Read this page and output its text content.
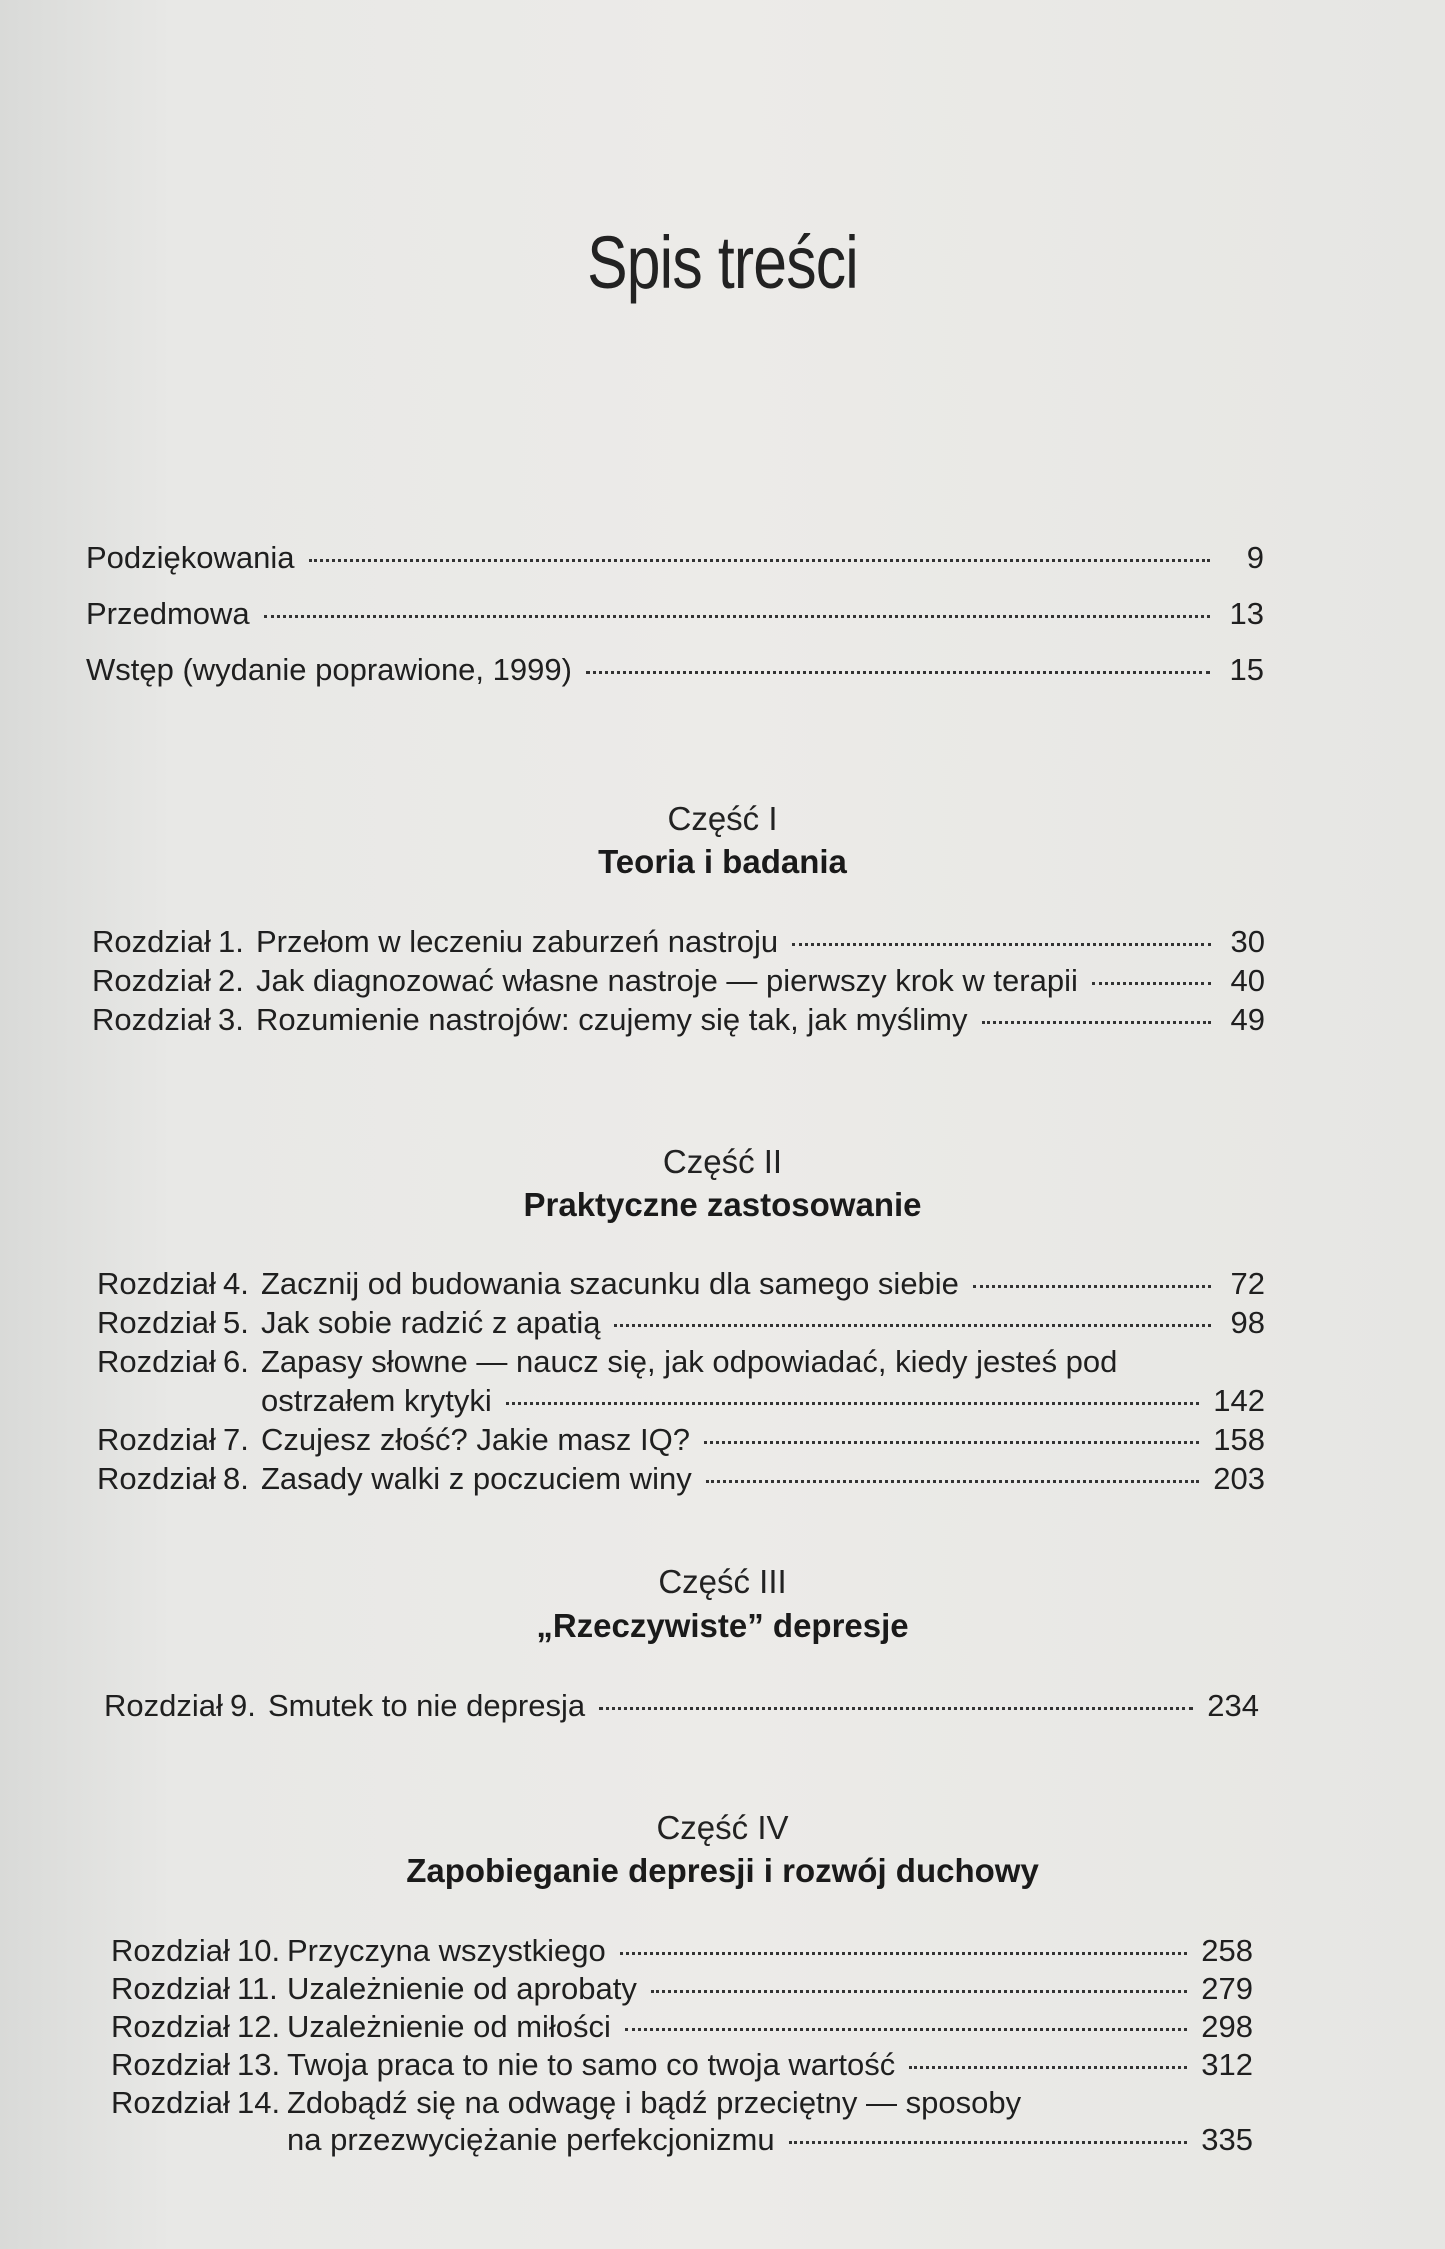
Spis treści
Podziękowania	9
Przedmowa	13
Wstęp (wydanie poprawione, 1999)	15
Część I
Teoria i badania
Rozdział 1. Przełom w leczeniu zaburzeń nastroju	30
Rozdział 2. Jak diagnozować własne nastroje — pierwszy krok w terapii	40
Rozdział 3. Rozumienie nastrojów: czujemy się tak, jak myślimy	49
Część II
Praktyczne zastosowanie
Rozdział 4. Zacznij od budowania szacunku dla samego siebie	72
Rozdział 5. Jak sobie radzić z apatią	98
Rozdział 6. Zapasy słowne — naucz się, jak odpowiadać, kiedy jesteś pod
ostrzałem krytyki	142
Rozdział 7. Czujesz złość? Jakie masz IQ?	158
Rozdział 8. Zasady walki z poczuciem winy	203
Część III
„Rzeczywiste” depresje
Rozdział 9. Smutek to nie depresja	234
Część IV
Zapobieganie depresji i rozwój duchowy
Rozdział 10. Przyczyna wszystkiego	258
Rozdział 11. Uzależnienie od aprobaty	279
Rozdział 12. Uzależnienie od miłości	298
Rozdział 13. Twoja praca to nie to samo co twoja wartość	312
Rozdział 14. Zdobądź się na odwagę i bądź przeciętny — sposoby
na przezwyciężanie perfekcjonizmu	335
